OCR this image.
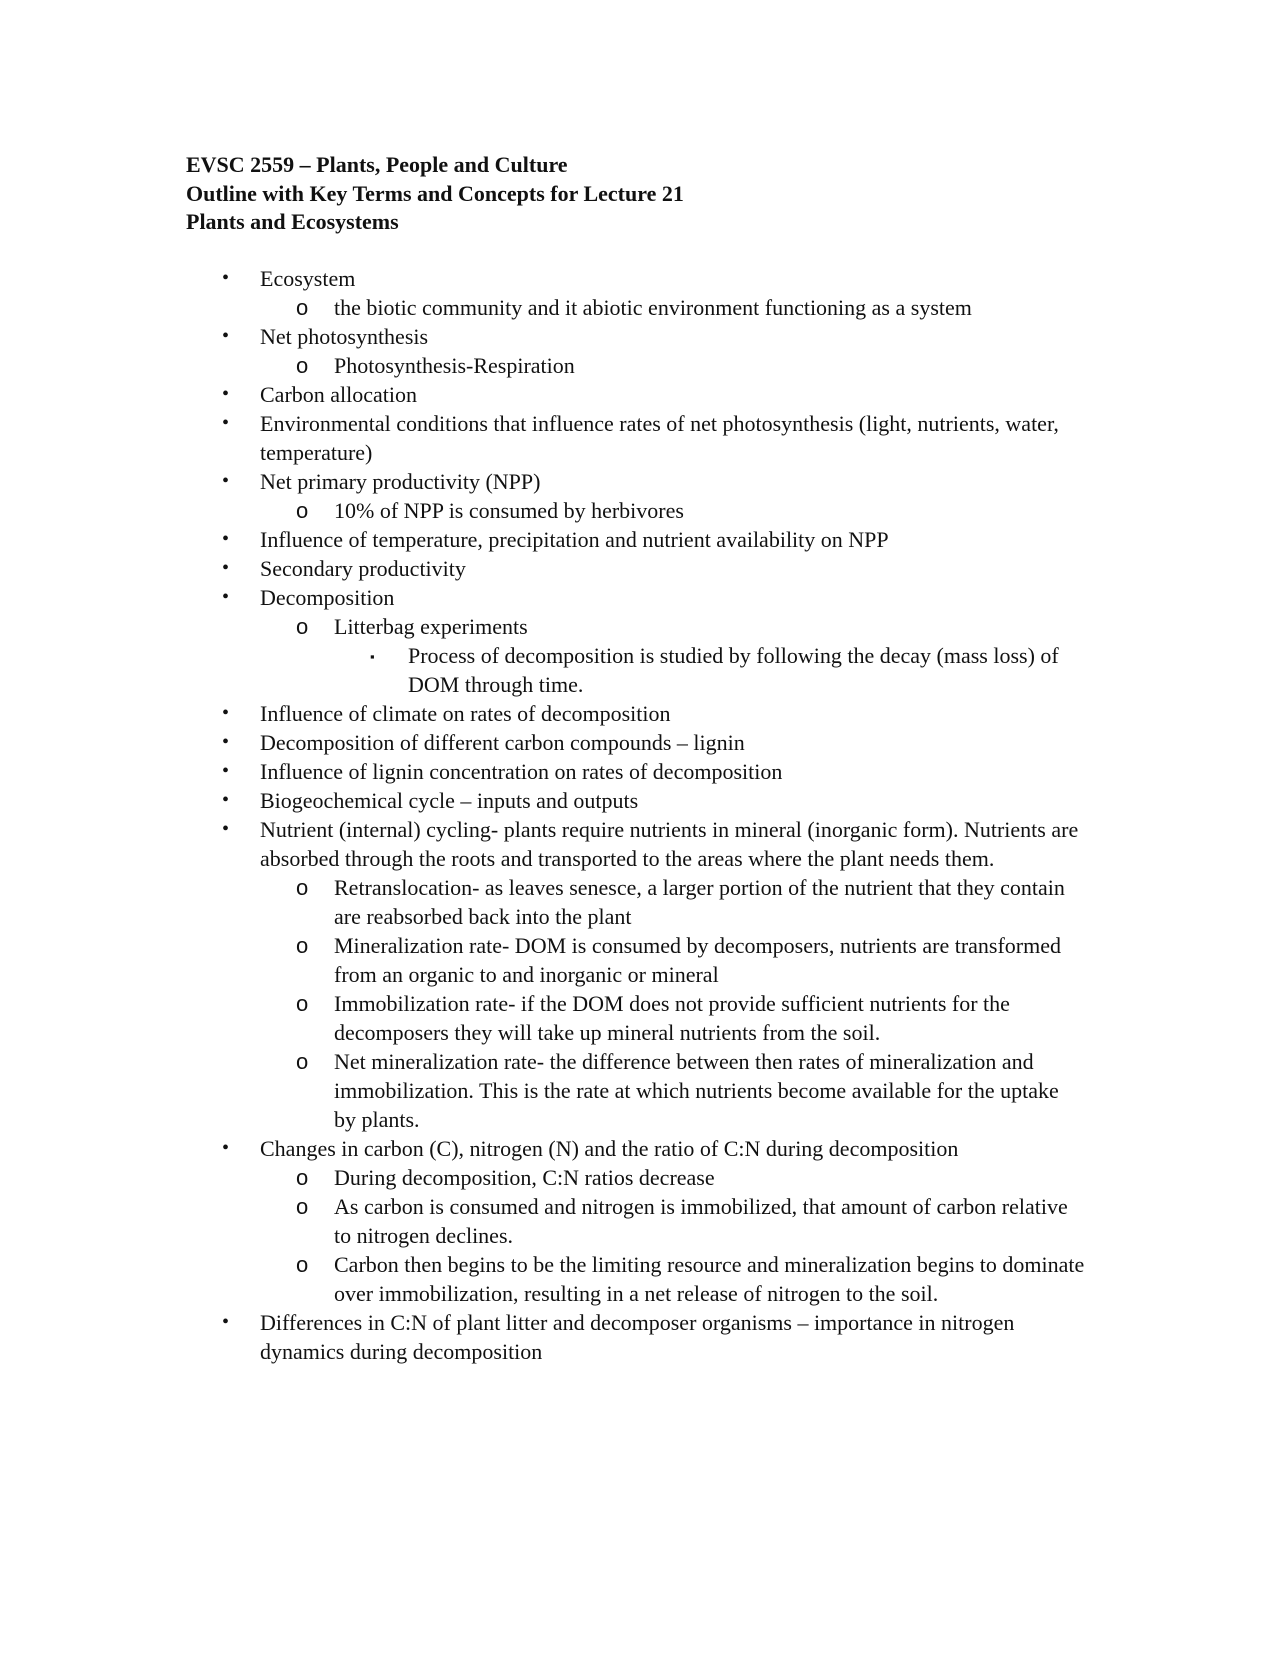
EVSC 2559 – Plants, People and Culture
Outline with Key Terms and Concepts for Lecture 21
Plants and Ecosystems
• Ecosystem
o the biotic community and it abiotic environment functioning as a system
• Net photosynthesis
o Photosynthesis-Respiration
• Carbon allocation
• Environmental conditions that influence rates of net photosynthesis (light, nutrients, water, temperature)
• Net primary productivity (NPP)
o 10% of NPP is consumed by herbivores
• Influence of temperature, precipitation and nutrient availability on NPP
• Secondary productivity
• Decomposition
o Litterbag experiments
▪ Process of decomposition is studied by following the decay (mass loss) of DOM through time.
• Influence of climate on rates of decomposition
• Decomposition of different carbon compounds – lignin
• Influence of lignin concentration on rates of decomposition
• Biogeochemical cycle – inputs and outputs
• Nutrient (internal) cycling- plants require nutrients in mineral (inorganic form). Nutrients are absorbed through the roots and transported to the areas where the plant needs them.
o Retranslocation- as leaves senesce, a larger portion of the nutrient that they contain are reabsorbed back into the plant
o Mineralization rate- DOM is consumed by decomposers, nutrients are transformed from an organic to and inorganic or mineral
o Immobilization rate- if the DOM does not provide sufficient nutrients for the decomposers they will take up mineral nutrients from the soil.
o Net mineralization rate- the difference between then rates of mineralization and immobilization. This is the rate at which nutrients become available for the uptake by plants.
• Changes in carbon (C), nitrogen (N) and the ratio of C:N during decomposition
o During decomposition, C:N ratios decrease
o As carbon is consumed and nitrogen is immobilized, that amount of carbon relative to nitrogen declines.
o Carbon then begins to be the limiting resource and mineralization begins to dominate over immobilization, resulting in a net release of nitrogen to the soil.
• Differences in C:N of plant litter and decomposer organisms – importance in nitrogen dynamics during decomposition
